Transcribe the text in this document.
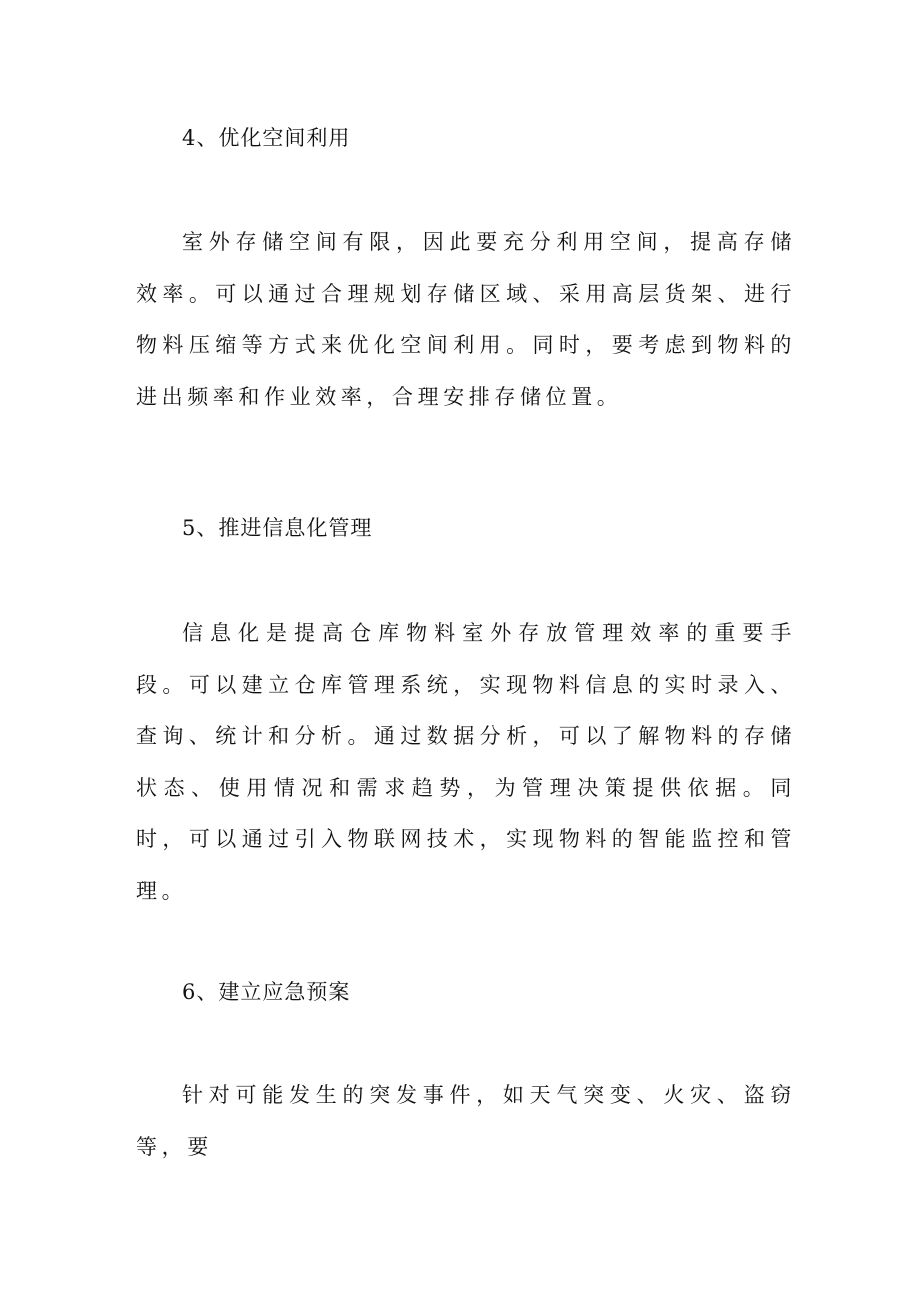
4、优化空间利用

室外存储空间有限，因此要充分利用空间，提高存储效率。可以通过合理规划存储区域、采用高层货架、进行物料压缩等方式来优化空间利用。同时，要考虑到物料的进出频率和作业效率，合理安排存储位置。

5、推进信息化管理

信息化是提高仓库物料室外存放管理效率的重要手段。可以建立仓库管理系统，实现物料信息的实时录入、查询、统计和分析。通过数据分析，可以了解物料的存储状态、使用情况和需求趋势，为管理决策提供依据。同时，可以通过引入物联网技术，实现物料的智能监控和管理。

6、建立应急预案

针对可能发生的突发事件，如天气突变、火灾、盗窃等，要
